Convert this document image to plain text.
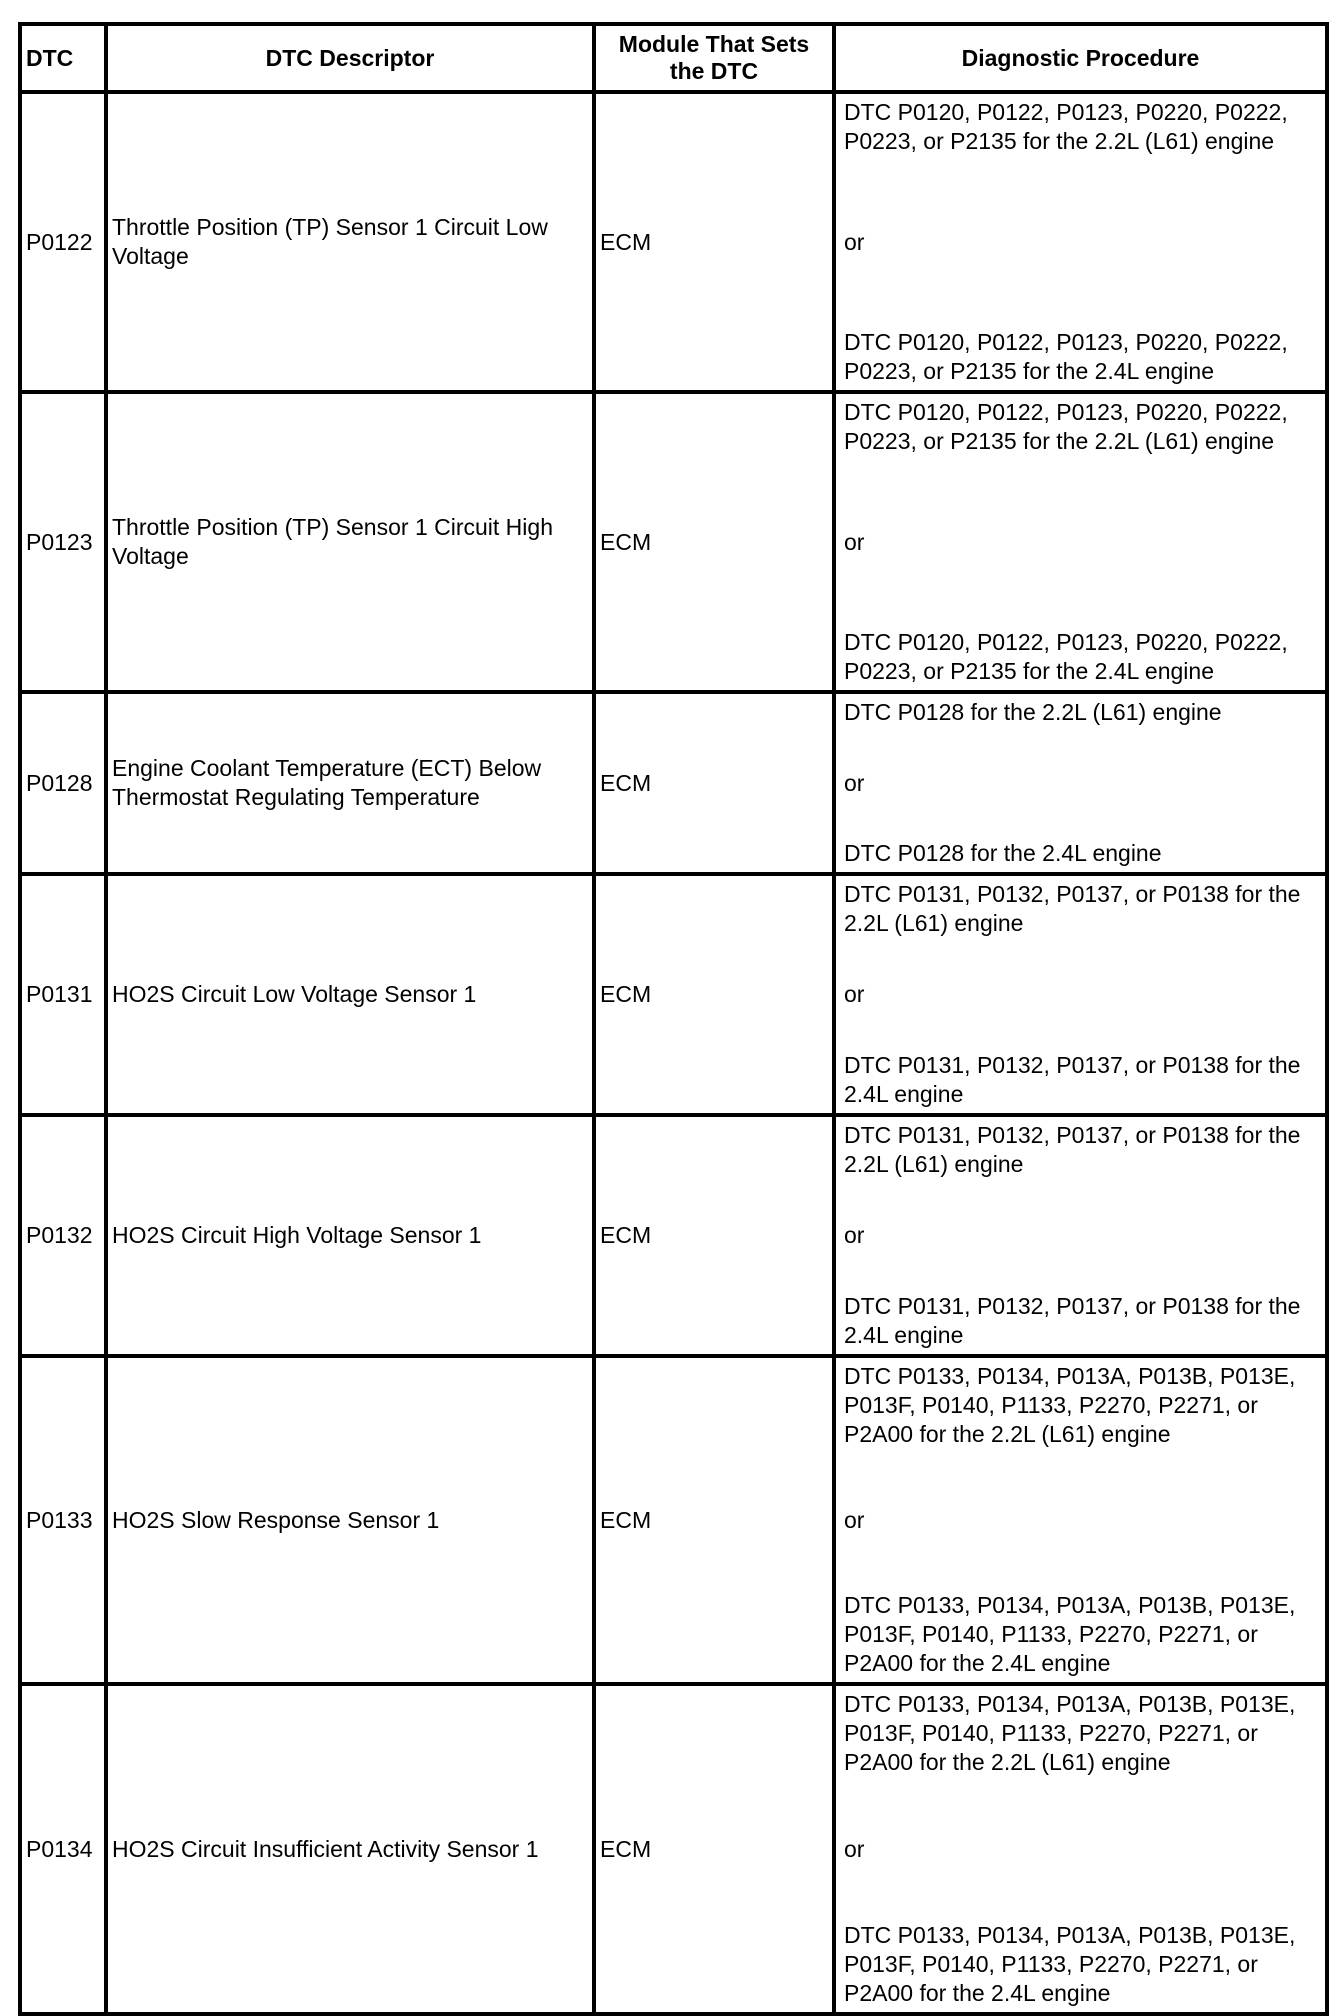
DTC	DTC Descriptor	Module That Sets the DTC	Diagnostic Procedure
P0122	Throttle Position (TP) Sensor 1 Circuit Low Voltage	ECM	DTC P0120, P0122, P0123, P0220, P0222, P0223, or P2135 for the 2.2L (L61) engine
or
DTC P0120, P0122, P0123, P0220, P0222, P0223, or P2135 for the 2.4L engine

P0123	Throttle Position (TP) Sensor 1 Circuit High Voltage	ECM	DTC P0120, P0122, P0123, P0220, P0222, P0223, or P2135 for the 2.2L (L61) engine
or
DTC P0120, P0122, P0123, P0220, P0222, P0223, or P2135 for the 2.4L engine

P0128	Engine Coolant Temperature (ECT) Below Thermostat Regulating Temperature	ECM	DTC P0128 for the 2.2L (L61) engine
or
DTC P0128 for the 2.4L engine

P0131	HO2S Circuit Low Voltage Sensor 1	ECM	DTC P0131, P0132, P0137, or P0138 for the 2.2L (L61) engine
or
DTC P0131, P0132, P0137, or P0138 for the 2.4L engine

P0132	HO2S Circuit High Voltage Sensor 1	ECM	DTC P0131, P0132, P0137, or P0138 for the 2.2L (L61) engine
or
DTC P0131, P0132, P0137, or P0138 for the 2.4L engine

P0133	HO2S Slow Response Sensor 1	ECM	DTC P0133, P0134, P013A, P013B, P013E, P013F, P0140, P1133, P2270, P2271, or P2A00 for the 2.2L (L61) engine
or
DTC P0133, P0134, P013A, P013B, P013E, P013F, P0140, P1133, P2270, P2271, or P2A00 for the 2.4L engine

P0134	HO2S Circuit Insufficient Activity Sensor 1	ECM	DTC P0133, P0134, P013A, P013B, P013E, P013F, P0140, P1133, P2270, P2271, or P2A00 for the 2.2L (L61) engine
or
DTC P0133, P0134, P013A, P013B, P013E, P013F, P0140, P1133, P2270, P2271, or P2A00 for the 2.4L engine
